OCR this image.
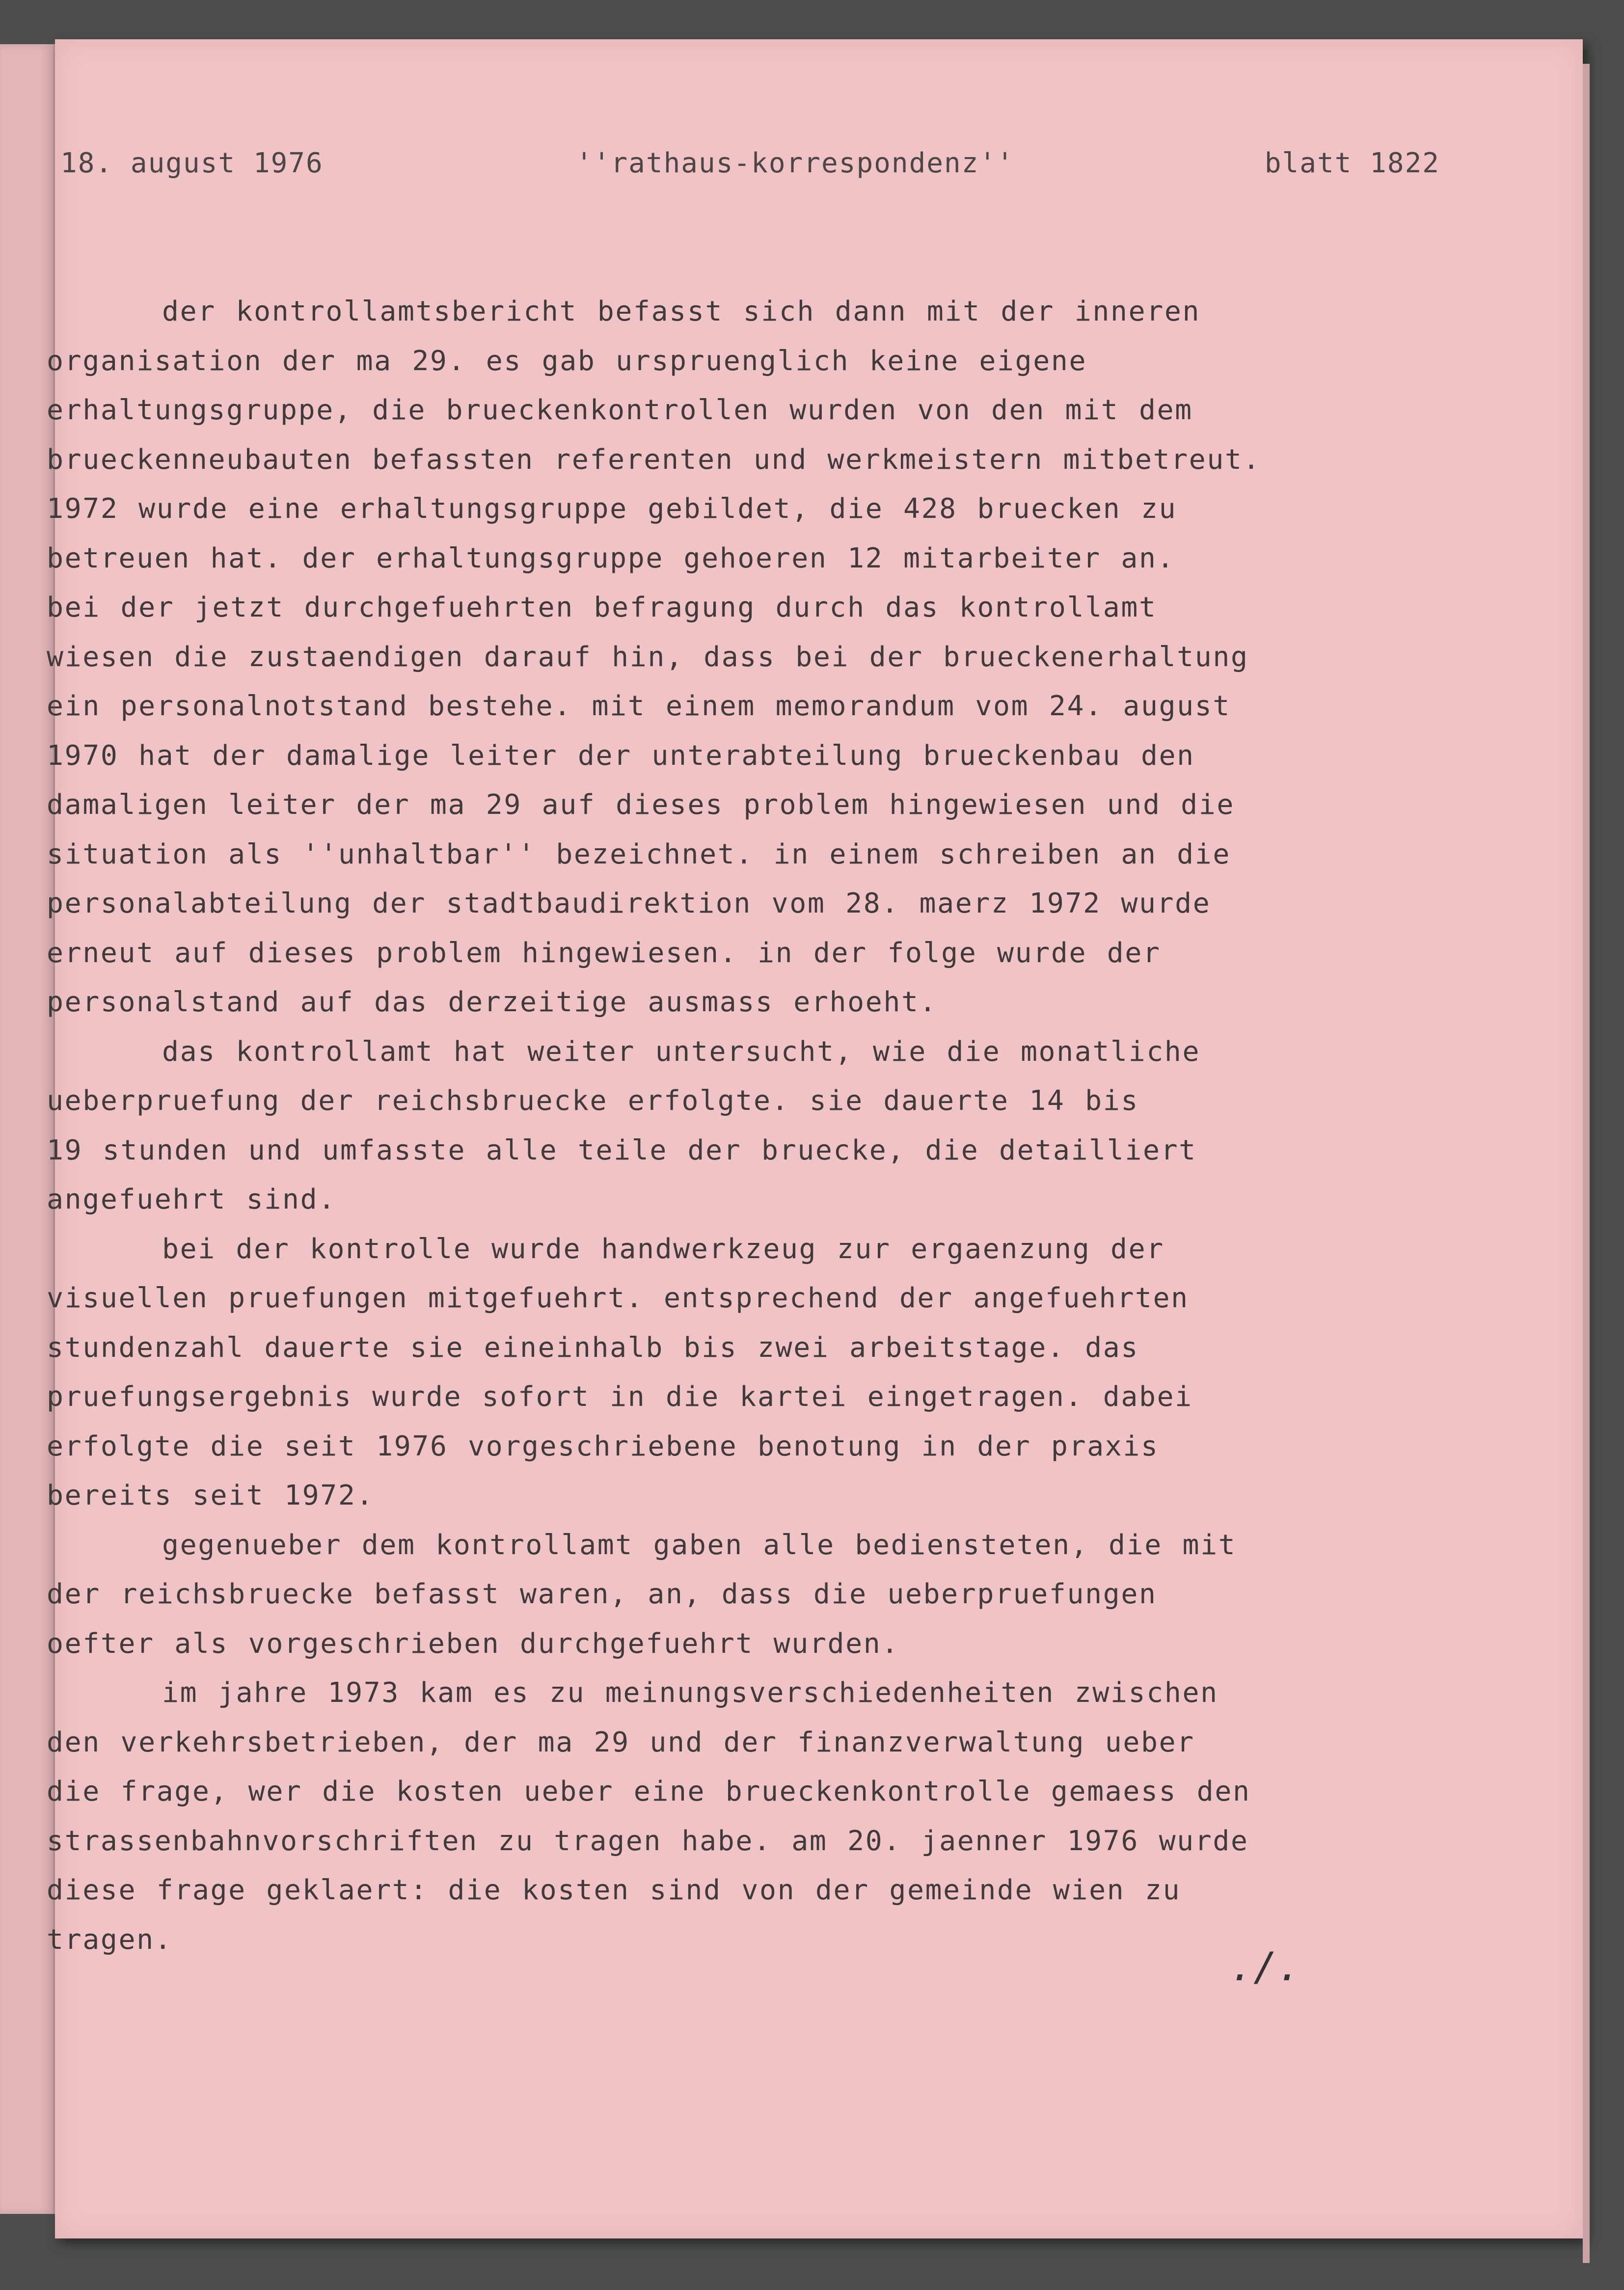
18. august 1976	''rathaus-korrespondenz''	blatt 1822
der kontrollamtsbericht befasst sich dann mit der inneren
organisation der ma 29. es gab urspruenglich keine eigene
erhaltungsgruppe, die brueckenkontrollen wurden von den mit dem
brueckenneubauten befassten referenten und werkmeistern mitbetreut.
1972 wurde eine erhaltungsgruppe gebildet, die 428 bruecken zu
betreuen hat. der erhaltungsgruppe gehoeren 12 mitarbeiter an.
bei der jetzt durchgefuehrten befragung durch das kontrollamt
wiesen die zustaendigen darauf hin, dass bei der brueckenerhaltung
ein personalnotstand bestehe. mit einem memorandum vom 24. august
1970 hat der damalige leiter der unterabteilung brueckenbau den
damaligen leiter der ma 29 auf dieses problem hingewiesen und die
situation als ''unhaltbar'' bezeichnet. in einem schreiben an die
personalabteilung der stadtbaudirektion vom 28. maerz 1972 wurde
erneut auf dieses problem hingewiesen. in der folge wurde der
personalstand auf das derzeitige ausmass erhoeht.
das kontrollamt hat weiter untersucht, wie die monatliche
ueberpruefung der reichsbruecke erfolgte. sie dauerte 14 bis
19 stunden und umfasste alle teile der bruecke, die detailliert
angefuehrt sind.
bei der kontrolle wurde handwerkzeug zur ergaenzung der
visuellen pruefungen mitgefuehrt. entsprechend der angefuehrten
stundenzahl dauerte sie eineinhalb bis zwei arbeitstage. das
pruefungsergebnis wurde sofort in die kartei eingetragen. dabei
erfolgte die seit 1976 vorgeschriebene benotung in der praxis
bereits seit 1972.
gegenueber dem kontrollamt gaben alle bediensteten, die mit
der reichsbruecke befasst waren, an, dass die ueberpruefungen
oefter als vorgeschrieben durchgefuehrt wurden.
im jahre 1973 kam es zu meinungsverschiedenheiten zwischen
den verkehrsbetrieben, der ma 29 und der finanzverwaltung ueber
die frage, wer die kosten ueber eine brueckenkontrolle gemaess den
strassenbahnvorschriften zu tragen habe. am 20. jaenner 1976 wurde
diese frage geklaert: die kosten sind von der gemeinde wien zu
tragen.
./.
